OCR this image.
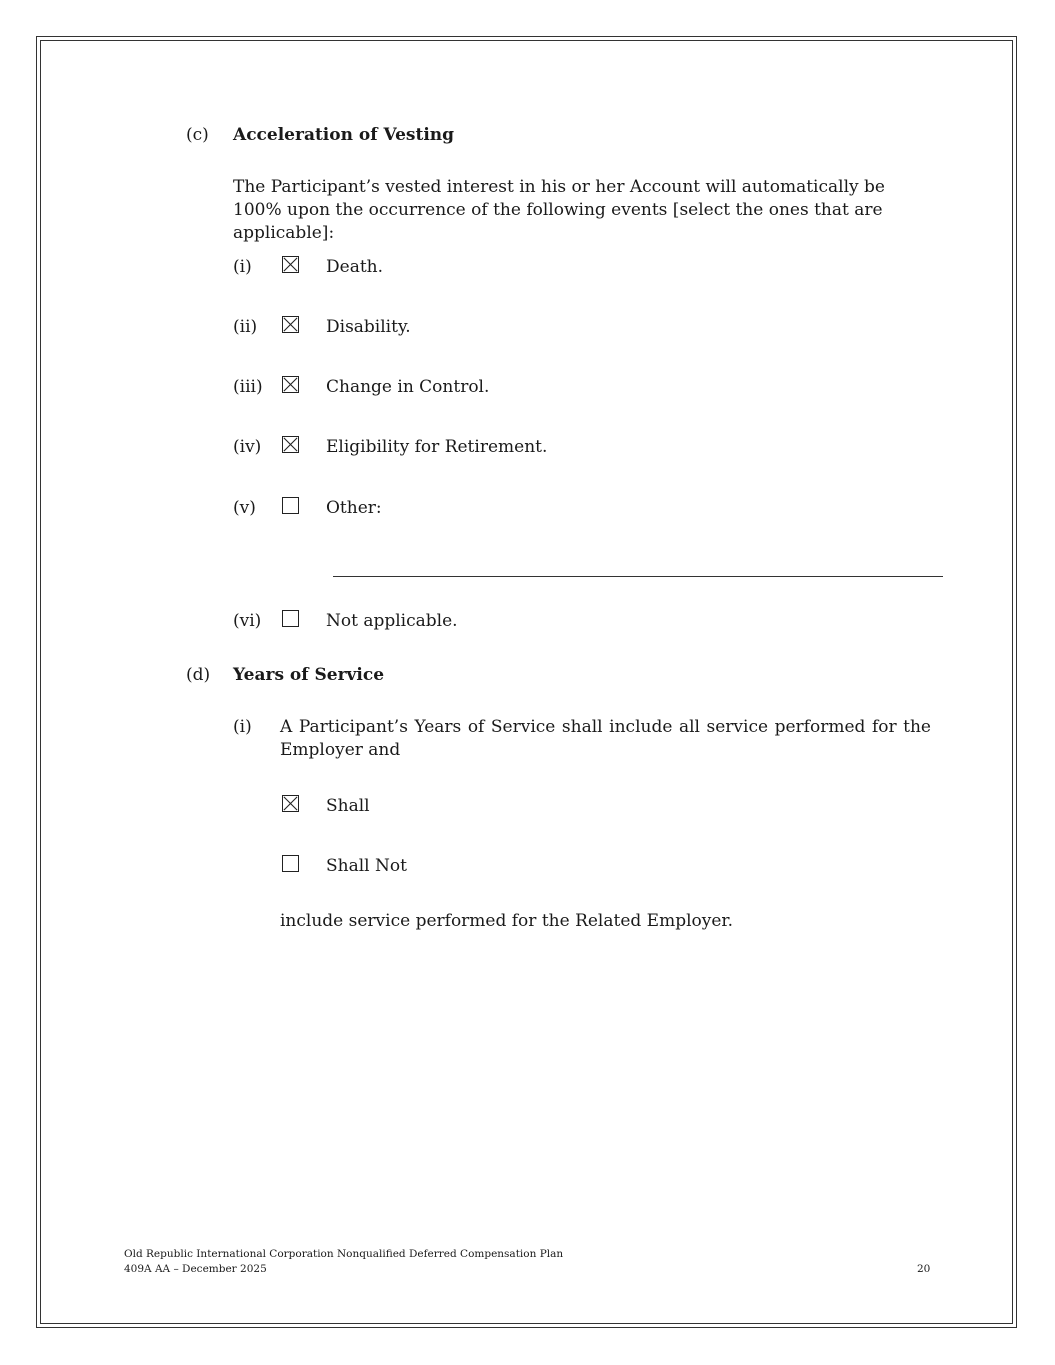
(c) Acceleration of Vesting
The Participant’s vested interest in his or her Account will automatically be 100% upon the occurrence of the following events [select the ones that are applicable]:
(i)	Death.
(ii)	Disability.
(iii)	Change in Control.
(iv)	Eligibility for Retirement.
(v)	Other:
(vi)	Not applicable.
(d) Years of Service
(i) A Participant’s Years of Service shall include all service performed for the Employer and
Shall
Shall Not
include service performed for the Related Employer.
Old Republic International Corporation Nonqualified Deferred Compensation Plan
409A AA – December 2025	20
